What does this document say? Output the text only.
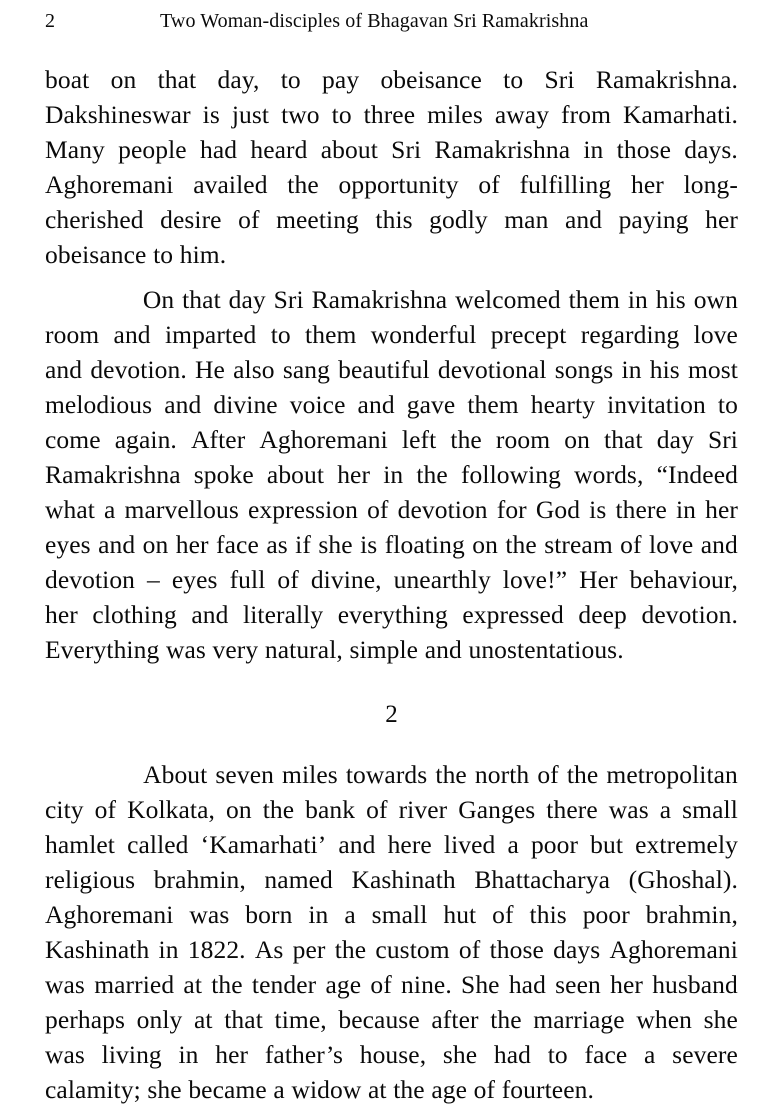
2	Two Woman-disciples of Bhagavan Sri Ramakrishna
boat on that day, to pay obeisance to Sri Ramakrishna.
Dakshineswar is just two to three miles away from Kamarhati.
Many people had heard about Sri Ramakrishna in those days.
Aghoremani availed the opportunity of fulfilling her long-
cherished desire of meeting this godly man and paying her
obeisance to him.
On that day Sri Ramakrishna welcomed them in his own
room and imparted to them wonderful precept regarding love
and devotion. He also sang beautiful devotional songs in his most
melodious and divine voice and gave them hearty invitation to
come again. After Aghoremani left the room on that day Sri
Ramakrishna spoke about her in the following words, “Indeed
what a marvellous expression of devotion for God is there in her
eyes and on her face as if she is floating on the stream of love and
devotion – eyes full of divine, unearthly love!” Her behaviour,
her clothing and literally everything expressed deep devotion.
Everything was very natural, simple and unostentatious.
2
About seven miles towards the north of the metropolitan
city of Kolkata, on the bank of river Ganges there was a small
hamlet called ‘Kamarhati’ and here lived a poor but extremely
religious brahmin, named Kashinath Bhattacharya (Ghoshal).
Aghoremani was born in a small hut of this poor brahmin,
Kashinath in 1822. As per the custom of those days Aghoremani
was married at the tender age of nine. She had seen her husband
perhaps only at that time, because after the marriage when she
was living in her father’s house, she had to face a severe
calamity; she became a widow at the age of fourteen.
